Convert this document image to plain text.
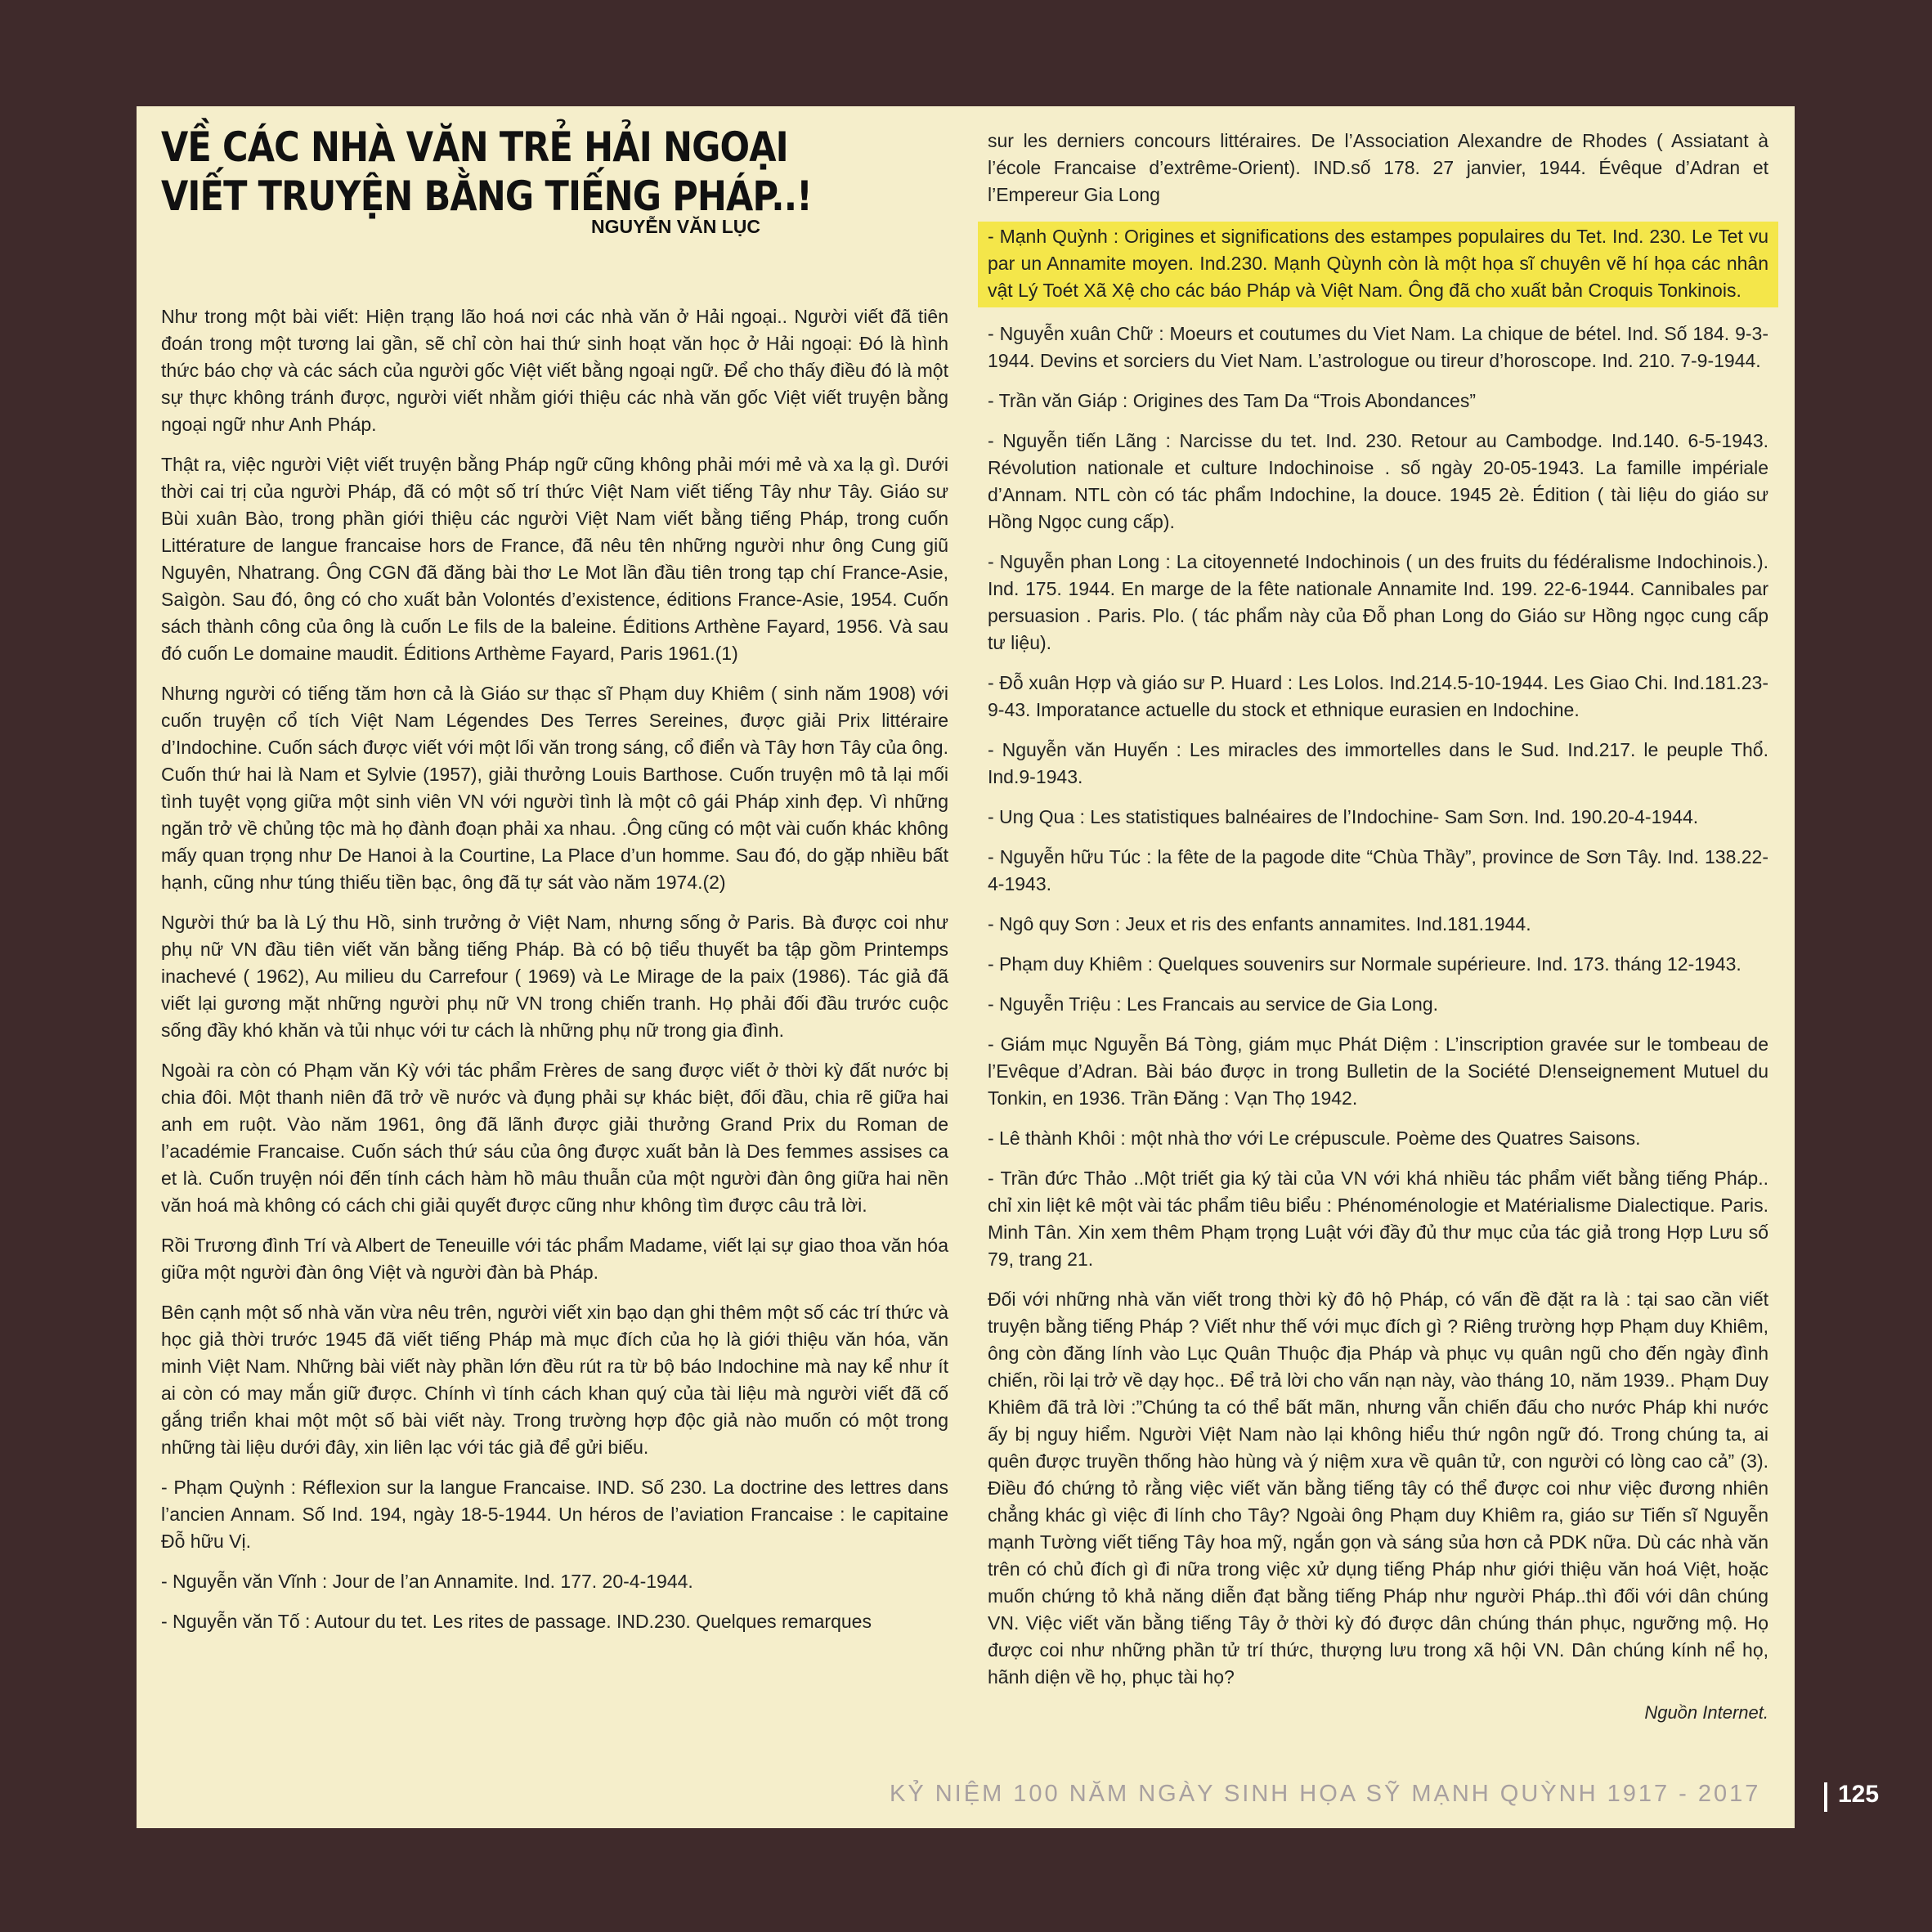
VỀ CÁC NHÀ VĂN TRẺ HẢI NGOẠI
VIẾT TRUYỆN BẰNG TIẾNG PHÁP..!
NGUYỄN VĂN LỤC

Như trong một bài viết: Hiện trạng lão hoá nơi các nhà văn ở Hải ngoại.. Người viết đã tiên đoán trong một tương lai gần, sẽ chỉ còn hai thứ sinh hoạt văn học ở Hải ngoại: Đó là hình thức báo chợ và các sách của người gốc Việt viết bằng ngoại ngữ. Để cho thấy điều đó là một sự thực không tránh được, người viết nhằm giới thiệu các nhà văn gốc Việt viết truyện bằng ngoại ngữ như Anh Pháp.

Thật ra, việc người Việt viết truyện bằng Pháp ngữ cũng không phải mới mẻ và xa lạ gì. Dưới thời cai trị của người Pháp, đã có một số trí thức Việt Nam viết tiếng Tây như Tây. Giáo sư Bùi xuân Bào, trong phần giới thiệu các người Việt Nam viết bằng tiếng Pháp, trong cuốn Littérature de langue francaise hors de France, đã nêu tên những người như ông Cung giũ Nguyên, Nhatrang. Ông CGN đã đăng bài thơ Le Mot lần đầu tiên trong tạp chí France-Asie, Saìgòn. Sau đó, ông có cho xuất bản Volontés d’existence, éditions France-Asie, 1954. Cuốn sách thành công của ông là cuốn Le fils de la baleine. Éditions Arthène Fayard, 1956. Và sau đó cuốn Le domaine maudit. Éditions Arthème Fayard, Paris 1961.(1)

Nhưng người có tiếng tăm hơn cả là Giáo sư thạc sĩ Phạm duy Khiêm ( sinh năm 1908) với cuốn truyện cổ tích Việt Nam Légendes Des Terres Sereines, được giải Prix littéraire d’Indochine. Cuốn sách được viết với một lối văn trong sáng, cổ điển và Tây hơn Tây của ông. Cuốn thứ hai là Nam et Sylvie (1957), giải thưởng Louis Barthose. Cuốn truyện mô tả lại mối tình tuyệt vọng giữa một sinh viên VN với người tình là một cô gái Pháp xinh đẹp. Vì những ngăn trở về chủng tộc mà họ đành đoạn phải xa nhau. .Ông cũng có một vài cuốn khác không mấy quan trọng như De Hanoi à la Courtine, La Place d’un homme. Sau đó, do gặp nhiều bất hạnh, cũng như túng thiếu tiền bạc, ông đã tự sát vào năm 1974.(2)

Người thứ ba là Lý thu Hồ, sinh trưởng ở Việt Nam, nhưng sống ở Paris. Bà được coi như phụ nữ VN đầu tiên viết văn bằng tiếng Pháp. Bà có bộ tiểu thuyết ba tập gồm Printemps inachevé ( 1962), Au milieu du Carrefour ( 1969) và Le Mirage de la paix (1986). Tác giả đã viết lại gương mặt những người phụ nữ VN trong chiến tranh. Họ phải đối đầu trước cuộc sống đầy khó khăn và tủi nhục với tư cách là những phụ nữ trong gia đình.

Ngoài ra còn có Phạm văn Kỳ với tác phẩm Frères de sang được viết ở thời kỳ đất nước bị chia đôi. Một thanh niên đã trở về nước và đụng phải sự khác biệt, đối đầu, chia rẽ giữa hai anh em ruột. Vào năm 1961, ông đã lãnh được giải thưởng Grand Prix du Roman de l’académie Francaise. Cuốn sách thứ sáu của ông được xuất bản là Des femmes assises ca et là. Cuốn truyện nói đến tính cách hàm hồ mâu thuẫn của một người đàn ông giữa hai nền văn hoá mà không có cách chi giải quyết được cũng như không tìm được câu trả lời.

Rồi Trương đình Trí và Albert de Teneuille với tác phẩm Madame, viết lại sự giao thoa văn hóa giữa một người đàn ông Việt và người đàn bà Pháp.

Bên cạnh một số nhà văn vừa nêu trên, người viết xin bạo dạn ghi thêm một số các trí thức và học giả thời trước 1945 đã viết tiếng Pháp mà mục đích của họ là giới thiệu văn hóa, văn minh Việt Nam. Những bài viết này phần lớn đều rút ra từ bộ báo Indochine mà nay kể như ít ai còn có may mắn giữ được. Chính vì tính cách khan quý của tài liệu mà người viết đã cố gắng triển khai một một số bài viết này. Trong trường hợp độc giả nào muốn có một trong những tài liệu dưới đây, xin liên lạc với tác giả để gửi biếu.

- Phạm Quỳnh : Réflexion sur la langue Francaise. IND. Số 230. La doctrine des lettres dans l’ancien Annam. Số Ind. 194, ngày 18-5-1944. Un héros de l’aviation Francaise : le capitaine Đỗ hữu Vị.

- Nguyễn văn Vĩnh : Jour de l’an Annamite. Ind. 177. 20-4-1944.

- Nguyễn văn Tố : Autour du tet. Les rites de passage. IND.230. Quelques remarques

sur les derniers concours littéraires. De l’Association Alexandre de Rhodes ( Assiatant à l’école Francaise d’extrême-Orient). IND.số 178. 27 janvier, 1944. Évêque d’Adran et l’Empereur Gia Long

- Mạnh Quỳnh : Origines et significations des estampes populaires du Tet. Ind. 230. Le Tet vu par un Annamite moyen. Ind.230. Mạnh Qùynh còn là một họa sĩ chuyên vẽ hí họa các nhân vật Lý Toét Xã Xệ cho các báo Pháp và Việt Nam. Ông đã cho xuất bản Croquis Tonkinois.

- Nguyễn xuân Chữ : Moeurs et coutumes du Viet Nam. La chique de bétel. Ind. Số 184. 9-3-1944. Devins et sorciers du Viet Nam. L’astrologue ou tireur d’horoscope. Ind. 210. 7-9-1944.

- Trần văn Giáp : Origines des Tam Da “Trois Abondances”

- Nguyễn tiến Lãng : Narcisse du tet. Ind. 230. Retour au Cambodge. Ind.140. 6-5-1943. Révolution nationale et culture Indochinoise . số ngày 20-05-1943. La famille impériale d’Annam. NTL còn có tác phẩm Indochine, la douce. 1945 2è. Édition ( tài liệu do giáo sư Hồng Ngọc cung cấp).

- Nguyễn phan Long : La citoyenneté Indochinois ( un des fruits du fédéralisme Indochinois.). Ind. 175. 1944. En marge de la fête nationale Annamite Ind. 199. 22-6-1944. Cannibales par persuasion . Paris. Plo. ( tác phẩm này của Đỗ phan Long do Giáo sư Hồng ngọc cung cấp tư liệu).

- Đỗ xuân Hợp và giáo sư P. Huard : Les Lolos. Ind.214.5-10-1944. Les Giao Chi. Ind.181.23-9-43. Imporatance actuelle du stock et ethnique eurasien en Indochine.

- Nguyễn văn Huyến : Les miracles des immortelles dans le Sud. Ind.217. le peuple Thổ. Ind.9-1943.

- Ung Qua : Les statistiques balnéaires de l’Indochine- Sam Sơn. Ind. 190.20-4-1944.

- Nguyễn hữu Túc : la fête de la pagode dite “Chùa Thầy”, province de Sơn Tây. Ind. 138.22-4-1943.

- Ngô quy Sơn : Jeux et ris des enfants annamites. Ind.181.1944.

- Phạm duy Khiêm : Quelques souvenirs sur Normale supérieure. Ind. 173. tháng 12-1943.

- Nguyễn Triệu : Les Francais au service de Gia Long.

- Giám mục Nguyễn Bá Tòng, giám mục Phát Diệm : L’inscription gravée sur le tombeau de l’Evêque d’Adran. Bài báo được in trong Bulletin de la Société D!enseignement Mutuel du Tonkin, en 1936. Trần Đăng : Vạn Thọ 1942.

- Lê thành Khôi : một nhà thơ với Le crépuscule. Poème des Quatres Saisons.

- Trần đức Thảo ..Một triết gia ký tài của VN với khá nhiều tác phẩm viết bằng tiếng Pháp.. chỉ xin liệt kê một vài tác phẩm tiêu biểu : Phénoménologie et Matérialisme Dialectique. Paris. Minh Tân. Xin xem thêm Phạm trọng Luật với đầy đủ thư mục của tác giả trong Hợp Lưu số 79, trang 21.

Đối với những nhà văn viết trong thời kỳ đô hộ Pháp, có vấn đề đặt ra là : tại sao cần viết truyện bằng tiếng Pháp ? Viết như thế với mục đích gì ? Riêng trường hợp Phạm duy Khiêm, ông còn đăng lính vào Lục Quân Thuộc địa Pháp và phục vụ quân ngũ cho đến ngày đình chiến, rồi lại trở về dạy học.. Để trả lời cho vấn nạn này, vào tháng 10, năm 1939.. Phạm Duy Khiêm đã trả lời :”Chúng ta có thể bất mãn, nhưng vẫn chiến đấu cho nước Pháp khi nước ấy bị nguy hiểm. Người Việt Nam nào lại không hiểu thứ ngôn ngữ đó. Trong chúng ta, ai quên được truyền thống hào hùng và ý niệm xưa về quân tử, con người có lòng cao cả” (3). Điều đó chứng tỏ rằng việc viết văn bằng tiếng tây có thể được coi như việc đương nhiên chẳng khác gì việc đi lính cho Tây? Ngoài ông Phạm duy Khiêm ra, giáo sư Tiến sĩ Nguyễn mạnh Tường viết tiếng Tây hoa mỹ, ngắn gọn và sáng sủa hơn cả PDK nữa. Dù các nhà văn trên có chủ đích gì đi nữa trong việc xử dụng tiếng Pháp như giới thiệu văn hoá Việt, hoặc muốn chứng tỏ khả năng diễn đạt bằng tiếng Pháp như người Pháp..thì đối với dân chúng VN. Việc viết văn bằng tiếng Tây ở thời kỳ đó được dân chúng thán phục, ngưỡng mộ. Họ được coi như những phần tử trí thức, thượng lưu trong xã hội VN. Dân chúng kính nể họ, hãnh diện về họ, phục tài họ?

Nguồn Internet.

KỶ NIỆM 100 NĂM NGÀY SINH HỌA SỸ MẠNH QUỲNH 1917 - 2017	125
